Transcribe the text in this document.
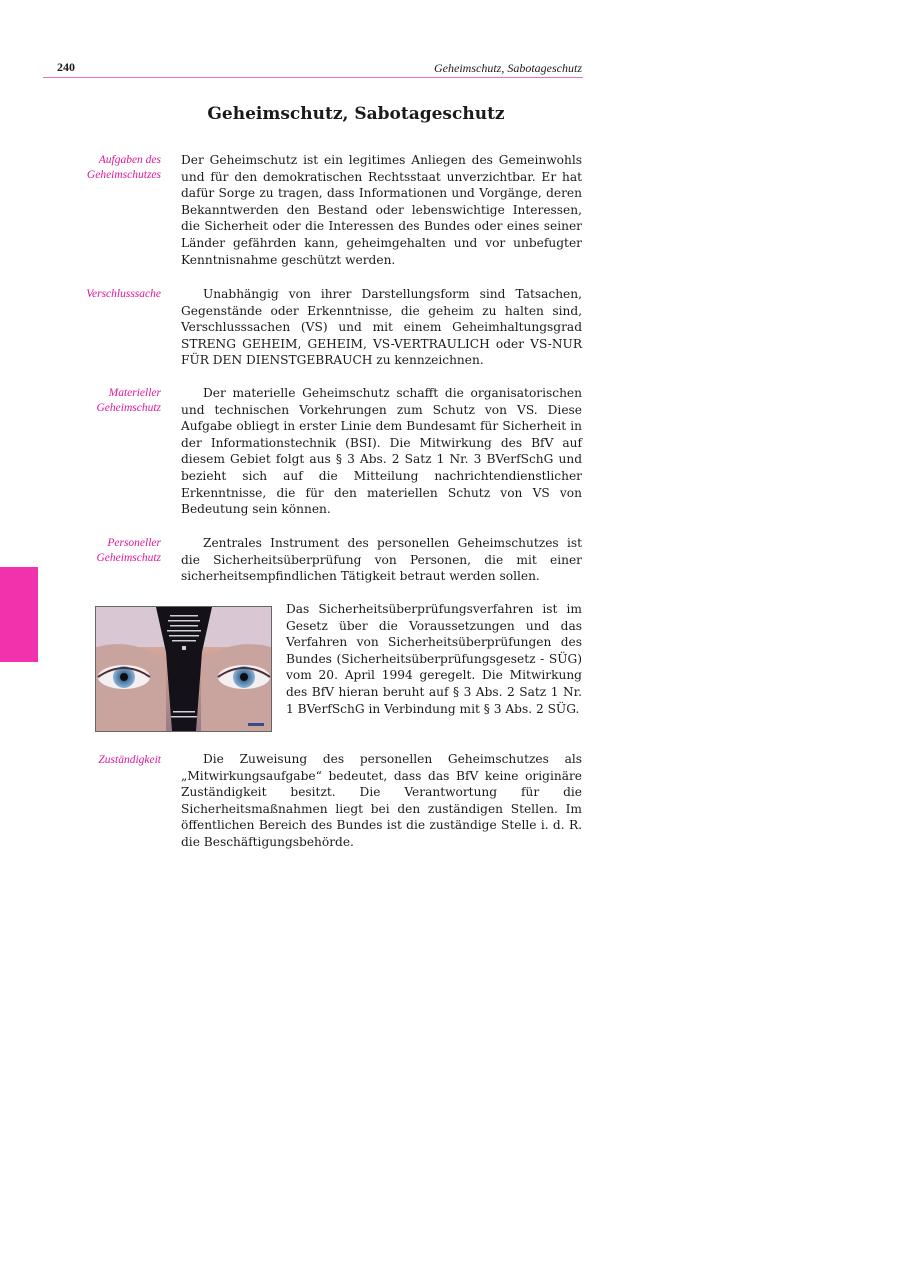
240	Geheimschutz, Sabotageschutz
Geheimschutz, Sabotageschutz
Aufgaben des Geheimschutzes

Der Geheimschutz ist ein legitimes Anliegen des Gemeinwohls und für den demokratischen Rechtsstaat unverzichtbar. Er hat dafür Sorge zu tragen, dass Informationen und Vorgänge, deren Bekanntwerden den Bestand oder lebenswichtige Interessen, die Sicherheit oder die Interessen des Bundes oder eines seiner Länder gefährden kann, geheimgehalten und vor unbefugter Kenntnisnahme geschützt werden.

Verschlusssache	Unabhängig von ihrer Darstellungsform sind Tatsachen, Gegenstände oder Erkenntnisse, die geheim zu halten sind, Verschlusssachen (VS) und mit einem Geheimhaltungsgrad STRENG GEHEIM, GEHEIM, VS-VERTRAULICH oder VS-NUR FÜR DEN DIENSTGEBRAUCH zu kennzeichnen.

Materieller Geheimschutz

Der materielle Geheimschutz schafft die organisatorischen und technischen Vorkehrungen zum Schutz von VS. Diese Aufgabe obliegt in erster Linie dem Bundesamt für Sicherheit in der Informationstechnik (BSI). Die Mitwirkung des BfV auf diesem Gebiet folgt aus § 3 Abs. 2 Satz 1 Nr. 3 BVerfSchG und bezieht sich auf die Mitteilung nachrichtendienstlicher Erkenntnisse, die für den materiellen Schutz von VS von Bedeutung sein können.

Personeller Geheimschutz

Zentrales Instrument des personellen Geheimschutzes ist die Sicherheitsüberprüfung von Personen, die mit einer sicherheitsempfindlichen Tätigkeit betraut werden sollen.

Das Sicherheitsüberprüfungsverfahren ist im Gesetz über die Voraussetzungen und das Verfahren von Sicherheitsüberprüfungen des Bundes (Sicherheitsüberprüfungsgesetz - SÜG) vom 20. April 1994 geregelt. Die Mitwirkung des BfV hieran beruht auf § 3 Abs. 2 Satz 1 Nr. 1 BVerfSchG in Verbindung mit § 3 Abs. 2 SÜG.

Zuständigkeit	Die Zuweisung des personellen Geheimschutzes als „Mitwirkungsaufgabe“ bedeutet, dass das BfV keine originäre Zuständigkeit besitzt. Die Verantwortung für die Sicherheitsmaßnahmen liegt bei den zuständigen Stellen. Im öffentlichen Bereich des Bundes ist die zuständige Stelle i. d. R. die Beschäftigungsbehörde.
